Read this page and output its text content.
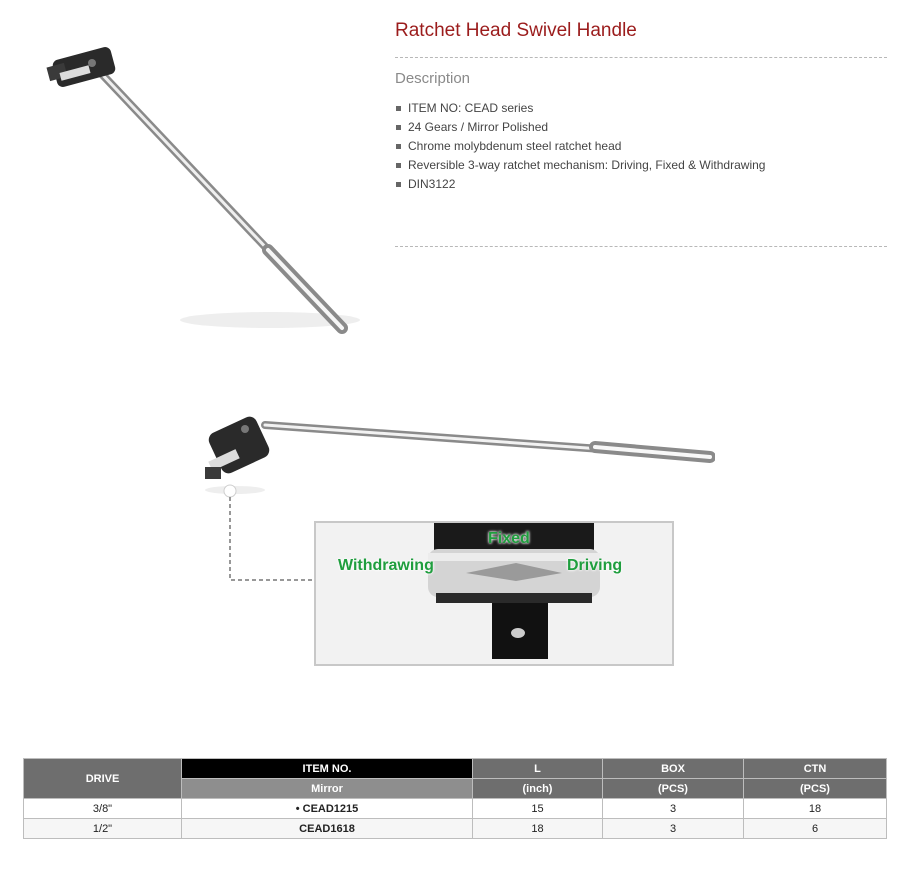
Ratchet Head Swivel Handle
Description
ITEM NO: CEAD series
24 Gears / Mirror Polished
Chrome molybdenum steel ratchet head
Reversible 3-way ratchet mechanism: Driving, Fixed & Withdrawing
DIN3122
Fixed
Withdrawing	Driving
DRIVE	ITEM NO.	L	BOX	CTN
	Mirror	(inch)	(PCS)	(PCS)
3/8"	• CEAD1215	15	3	18
1/2"	CEAD1618	18	3	6
